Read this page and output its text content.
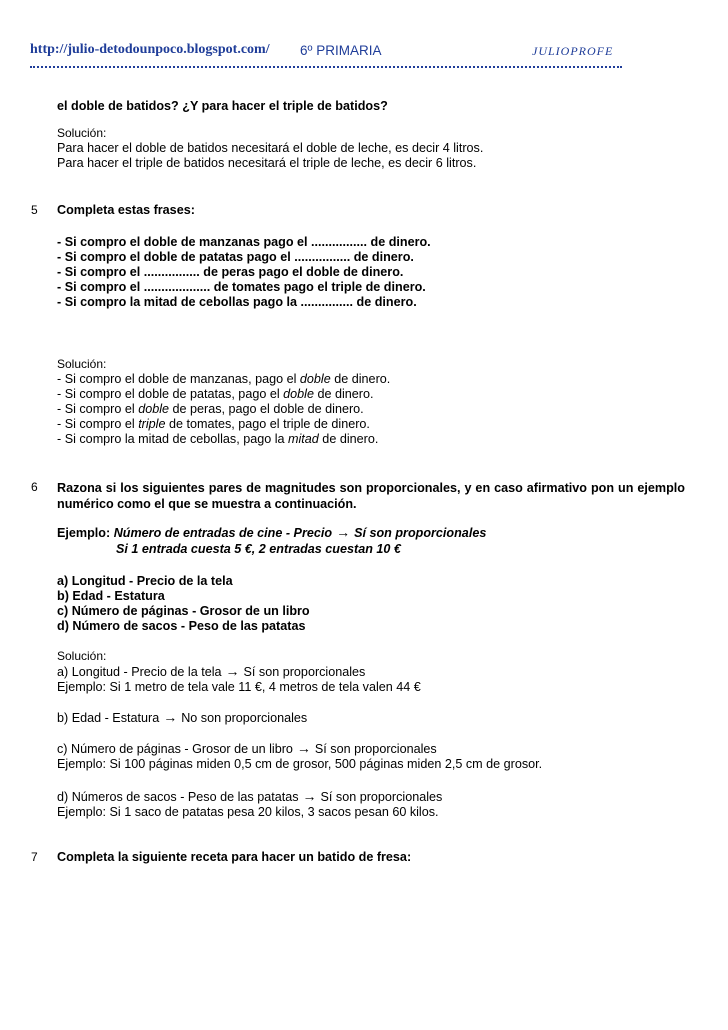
http://julio-detodounpoco.blogspot.com/ 6º PRIMARIA	JULIOPROFE
el doble de batidos? ¿Y para hacer el triple de batidos?
Solución:
Para hacer el doble de batidos necesitará el doble de leche, es decir 4 litros.
Para hacer el triple de batidos necesitará el triple de leche, es decir 6 litros.
5 Completa estas frases:
- Si compro el doble de manzanas pago el ................ de dinero.
- Si compro el doble de patatas pago el ................ de dinero.
- Si compro el ................ de peras pago el doble de dinero.
- Si compro el ................... de tomates pago el triple de dinero.
- Si compro la mitad de cebollas pago la ............... de dinero.
Solución:
- Si compro el doble de manzanas, pago el doble de dinero.
- Si compro el doble de patatas, pago el doble de dinero.
- Si compro el doble de peras, pago el doble de dinero.
- Si compro el triple de tomates, pago el triple de dinero.
- Si compro la mitad de cebollas, pago la mitad de dinero.
6 Razona si los siguientes pares de magnitudes son proporcionales, y en caso afirmativo pon un ejemplo numérico como el que se muestra a continuación.
Ejemplo: Número de entradas de cine - Precio → Sí son proporcionales
Si 1 entrada cuesta 5 €, 2 entradas cuestan 10 €
a) Longitud - Precio de la tela
b) Edad - Estatura
c) Número de páginas - Grosor de un libro
d) Número de sacos - Peso de las patatas
Solución:
a) Longitud - Precio de la tela → Sí son proporcionales
Ejemplo: Si 1 metro de tela vale 11 €, 4 metros de tela valen 44 €
b) Edad - Estatura → No son proporcionales
c) Número de páginas - Grosor de un libro → Sí son proporcionales
Ejemplo: Si 100 páginas miden 0,5 cm de grosor, 500 páginas miden 2,5 cm de grosor.
d) Números de sacos - Peso de las patatas → Sí son proporcionales
Ejemplo: Si 1 saco de patatas pesa 20 kilos, 3 sacos pesan 60 kilos.
7 Completa la siguiente receta para hacer un batido de fresa:
